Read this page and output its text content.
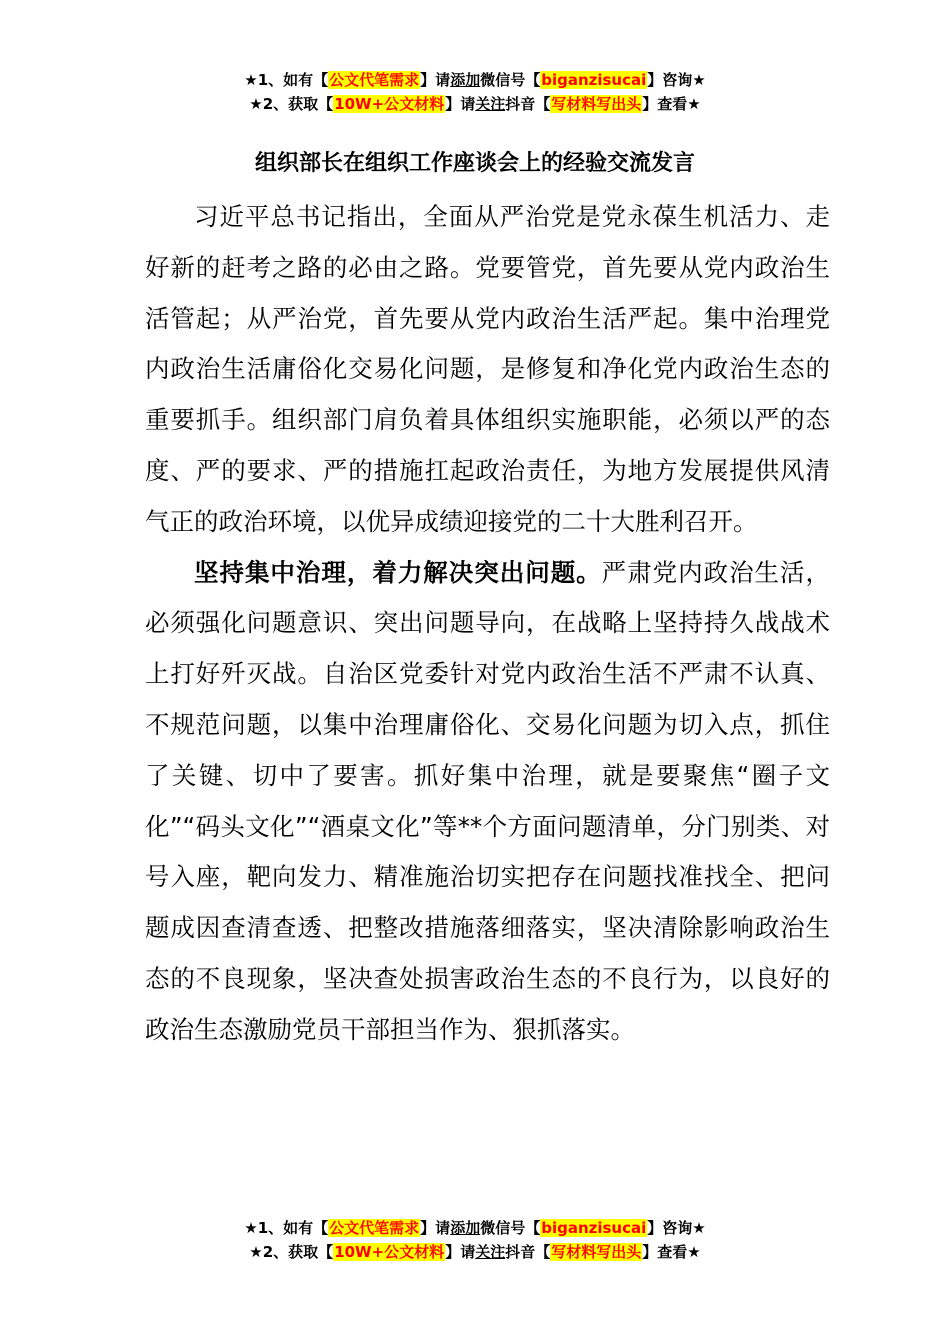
★1、如有【公文代笔需求】请添加微信号【biganzisucai】咨询★
★2、获取【10W+公文材料】请关注抖音【写材料写出头】查看★
组织部长在组织工作座谈会上的经验交流发言

习近平总书记指出，全面从严治党是党永葆生机活力、走好新的赶考之路的必由之路。党要管党，首先要从党内政治生活管起；从严治党，首先要从党内政治生活严起。集中治理党内政治生活庸俗化交易化问题，是修复和净化党内政治生态的重要抓手。组织部门肩负着具体组织实施职能，必须以严的态度、严的要求、严的措施扛起政治责任，为地方发展提供风清气正的政治环境，以优异成绩迎接党的二十大胜利召开。

坚持集中治理，着力解决突出问题。严肃党内政治生活，必须强化问题意识、突出问题导向，在战略上坚持持久战战术上打好歼灭战。自治区党委针对党内政治生活不严肃不认真、不规范问题，以集中治理庸俗化、交易化问题为切入点，抓住了关键、切中了要害。抓好集中治理，就是要聚焦“圈子文化”“码头文化”“酒桌文化”等**个方面问题清单，分门别类、对号入座，靶向发力、精准施治切实把存在问题找准找全、把问题成因查清查透、把整改措施落细落实，坚决清除影响政治生态的不良现象，坚决查处损害政治生态的不良行为，以良好的政治生态激励党员干部担当作为、狠抓落实。

★1、如有【公文代笔需求】请添加微信号【biganzisucai】咨询★
★2、获取【10W+公文材料】请关注抖音【写材料写出头】查看★
